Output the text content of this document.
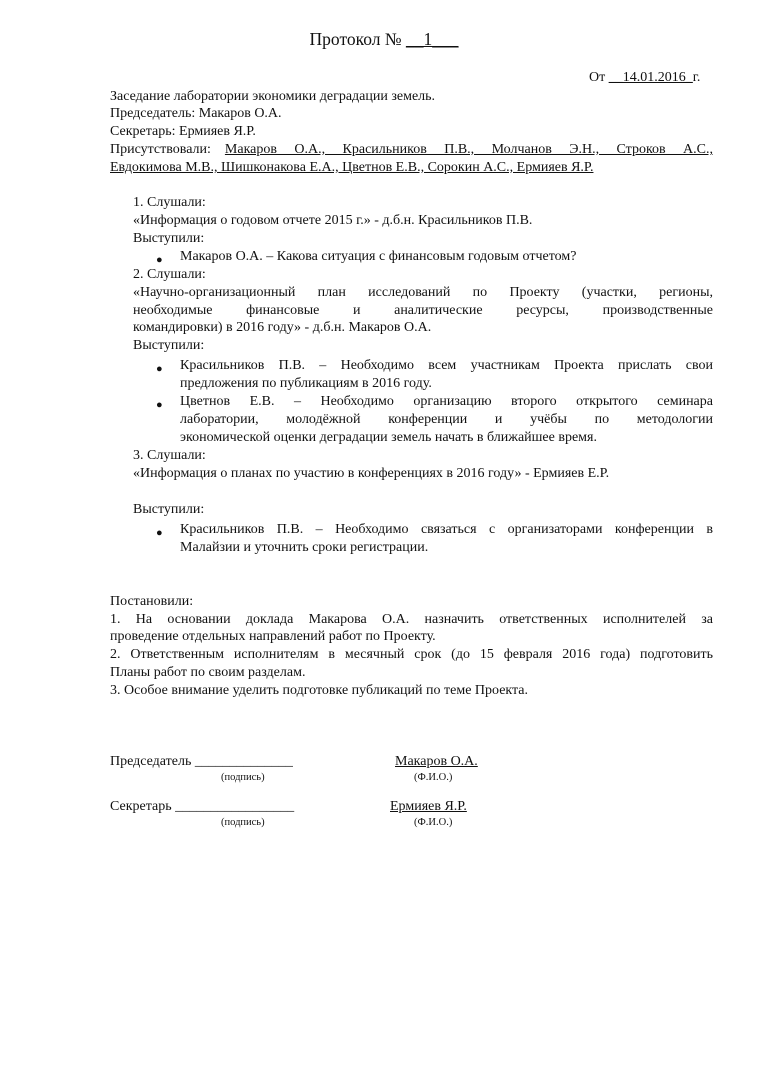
Протокол № __1___
От __14.01.2016_г.
Заседание лаборатории экономики деградации земель.
Председатель: Макаров О.А.
Секретарь: Ермияев Я.Р.
Присутствовали: Макаров О.А., Красильников П.В., Молчанов Э.Н., Строков А.С.,
Евдокимова М.В., Шишконакова Е.А., Цветнов Е.В., Сорокин А.С., Ермияев Я.Р.
1. Слушали:
«Информация о годовом отчете 2015 г.» - д.б.н. Красильников П.В.
Выступили:
● Макаров О.А. – Какова ситуация с финансовым годовым отчетом?
2. Слушали:
«Научно-организационный план исследований по Проекту (участки, регионы,
необходимые финансовые и аналитические ресурсы, производственные
командировки) в 2016 году» - д.б.н. Макаров О.А.
Выступили:
● Красильников П.В. – Необходимо всем участникам Проекта прислать свои
предложения по публикациям в 2016 году.
● Цветнов Е.В. – Необходимо организацию второго открытого семинара
лаборатории, молодёжной конференции и учёбы по методологии
экономической оценки деградации земель начать в ближайшее время.
3. Слушали:
«Информация о планах по участию в конференциях в 2016 году» - Ермияев Е.Р.
Выступили:
● Красильников П.В. – Необходимо связаться с организаторами конференции в
Малайзии и уточнить сроки регистрации.
Постановили:
1. На основании доклада Макарова О.А. назначить ответственных исполнителей за
проведение отдельных направлений работ по Проекту.
2. Ответственным исполнителям в месячный срок (до 15 февраля 2016 года) подготовить
Планы работ по своим разделам.
3. Особое внимание уделить подготовке публикаций по теме Проекта.
Председатель ______________	Макаров О.А.
(подпись)	(Ф.И.О.)
Секретарь _________________	Ермияев Я.Р.
(подпись)	(Ф.И.О.)
